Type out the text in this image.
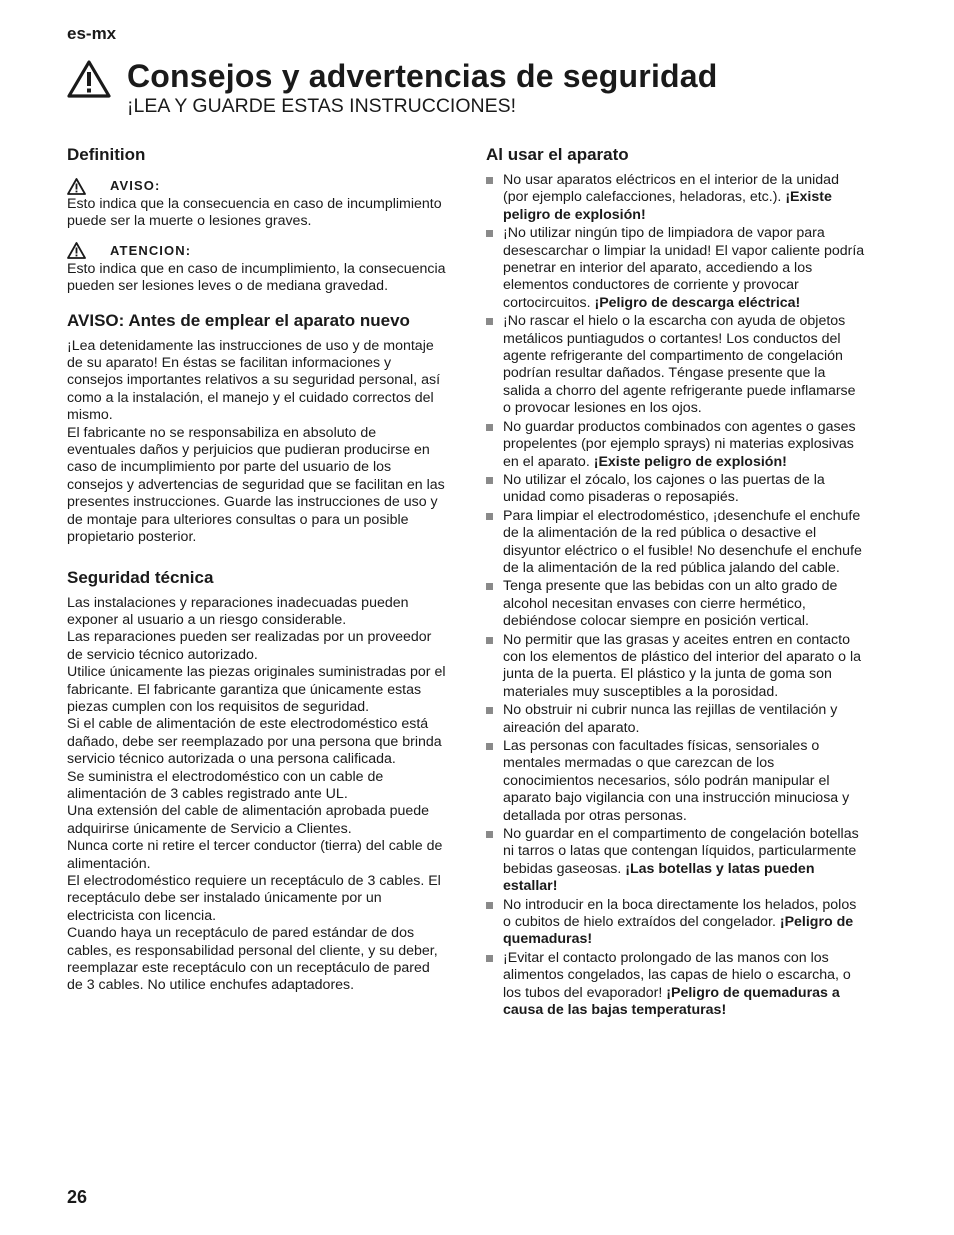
es-mx
Consejos y advertencias de seguridad
¡LEA Y GUARDE ESTAS INSTRUCCIONES!
Definition
AVISO:

Esto indica que la consecuencia en caso de incumplimiento puede ser la muerte o lesiones graves.

ATENCION:

Esto indica que en caso de incumplimiento, la consecuencia pueden ser lesiones leves o de mediana gravedad.

AVISO: Antes de emplear el aparato nuevo

¡Lea detenidamente las instrucciones de uso y de montaje de su aparato! En éstas se facilitan informaciones y consejos importantes relativos a su seguridad personal, así como a la instalación, el manejo y el cuidado correctos del mismo.

El fabricante no se responsabiliza en absoluto de eventuales daños y perjuicios que pudieran producirse en caso de incumplimiento por parte del usuario de los consejos y advertencias de seguridad que se facilitan en las presentes instrucciones. Guarde las instrucciones de uso y de montaje para ulteriores consultas o para un posible propietario posterior.

Seguridad técnica

Las instalaciones y reparaciones inadecuadas pueden exponer al usuario a un riesgo considerable.

Las reparaciones pueden ser realizadas por un proveedor de servicio técnico autorizado.

Utilice únicamente las piezas originales suministradas por el fabricante. El fabricante garantiza que únicamente estas piezas cumplen con los requisitos de seguridad.

Si el cable de alimentación de este electrodoméstico está dañado, debe ser reemplazado por una persona que brinda servicio técnico autorizada o una persona calificada.

Se suministra el electrodoméstico con un cable de alimentación de 3 cables registrado ante UL.

Una extensión del cable de alimentación aprobada puede adquirirse únicamente de Servicio a Clientes.

Nunca corte ni retire el tercer conductor (tierra) del cable de alimentación.

El electrodoméstico requiere un receptáculo de 3 cables. El receptáculo debe ser instalado únicamente por un electricista con licencia.

Cuando haya un receptáculo de pared estándar de dos cables, es responsabilidad personal del cliente, y su deber, reemplazar este receptáculo con un receptáculo de pared de 3 cables. No utilice enchufes adaptadores.

Al usar el aparato
No usar aparatos eléctricos en el interior de la unidad (por ejemplo calefacciones, heladoras, etc.). ¡Existe peligro de explosión!
¡No utilizar ningún tipo de limpiadora de vapor para desescarchar o limpiar la unidad! El vapor caliente podría penetrar en interior del aparato, accediendo a los elementos conductores de corriente y provocar cortocircuitos. ¡Peligro de descarga eléctrica!
¡No rascar el hielo o la escarcha con ayuda de objetos metálicos puntiagudos o cortantes! Los conductos del agente refrigerante del compartimento de congelación podrían resultar dañados. Téngase presente que la salida a chorro del agente refrigerante puede inflamarse o provocar lesiones en los ojos.
No guardar productos combinados con agentes o gases propelentes (por ejemplo sprays) ni materias explosivas en el aparato. ¡Existe peligro de explosión!
No utilizar el zócalo, los cajones o las puertas de la unidad como pisaderas o reposapiés.
Para limpiar el electrodoméstico, ¡desenchufe el enchufe de la alimentación de la red pública o desactive el disyuntor eléctrico o el fusible! No desenchufe el enchufe de la alimentación de la red pública jalando del cable.
Tenga presente que las bebidas con un alto grado de alcohol necesitan envases con cierre hermético, debiéndose colocar siempre en posición vertical.
No permitir que las grasas y aceites entren en contacto con los elementos de plástico del interior del aparato o la junta de la puerta. El plástico y la junta de goma son materiales muy susceptibles a la porosidad.
No obstruir ni cubrir nunca las rejillas de ventilación y aireación del aparato.
Las personas con facultades físicas, sensoriales o mentales mermadas o que carezcan de los conocimientos necesarios, sólo podrán manipular el aparato bajo vigilancia con una instrucción minuciosa y detallada por otras personas.
No guardar en el compartimento de congelación botellas ni tarros o latas que contengan líquidos, particularmente bebidas gaseosas. ¡Las botellas y latas pueden estallar!
No introducir en la boca directamente los helados, polos o cubitos de hielo extraídos del congelador. ¡Peligro de quemaduras!
¡Evitar el contacto prolongado de las manos con los alimentos congelados, las capas de hielo o escarcha, o los tubos del evaporador! ¡Peligro de quemaduras a causa de las bajas temperaturas!
26
